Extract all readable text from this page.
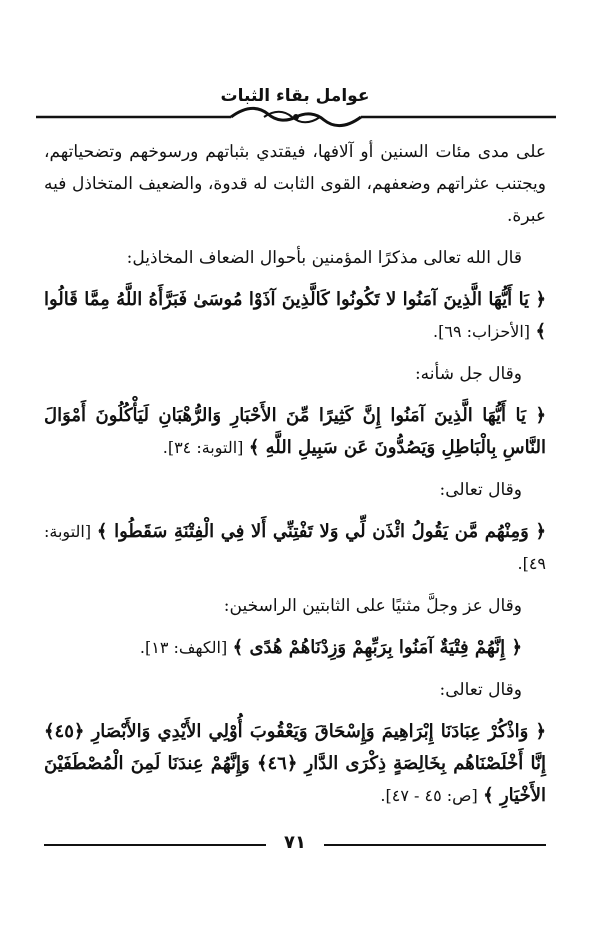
عوامل بقاء الثبات

على مدى مئات السنين أو آلافها، فيقتدي بثباتهم ورسوخهم وتضحياتهم، ويجتنب عثراتهم وضعفهم، القوى الثابت له قدوة، والضعيف المتخاذل فيه عبرة.

قال الله تعالى مذكرًا المؤمنين بأحوال الضعاف المخاذيل:

﴿ يَا أَيُّهَا الَّذِينَ آمَنُوا لا تَكُونُوا كَالَّذِينَ آذَوْا مُوسَىٰ فَبَرَّأَهُ اللَّهُ مِمَّا قَالُوا ﴾ [الأحزاب: ٦٩].

وقال جل شأنه:

﴿ يَا أَيُّهَا الَّذِينَ آمَنُوا إِنَّ كَثِيرًا مِّنَ الأَحْبَارِ وَالرُّهْبَانِ لَيَأْكُلُونَ أَمْوَالَ النَّاسِ بِالْبَاطِلِ وَيَصُدُّونَ عَن سَبِيلِ اللَّهِ ﴾ [التوبة: ٣٤].

وقال تعالى:

﴿ وَمِنْهُم مَّن يَقُولُ ائْذَن لِّي وَلا تَفْتِنِّي أَلا فِي الْفِتْنَةِ سَقَطُوا ﴾ [التوبة: ٤٩].

وقال عز وجلَّ مثنيًا على الثابتين الراسخين:

﴿ إِنَّهُمْ فِتْيَةٌ آمَنُوا بِرَبِّهِمْ وَزِدْنَاهُمْ هُدًى ﴾ [الكهف: ١٣].

وقال تعالى:

﴿ وَاذْكُرْ عِبَادَنَا إِبْرَاهِيمَ وَإِسْحَاقَ وَيَعْقُوبَ أُوْلِي الأَيْدِي وَالأَبْصَارِ ﴿٤٥﴾ إِنَّا أَخْلَصْنَاهُم بِخَالِصَةٍ ذِكْرَى الدَّارِ ﴿٤٦﴾ وَإِنَّهُمْ عِندَنَا لَمِنَ الْمُصْطَفَيْنَ الأَخْيَارِ ﴾ [ص: ٤٥ - ٤٧].

٧١
